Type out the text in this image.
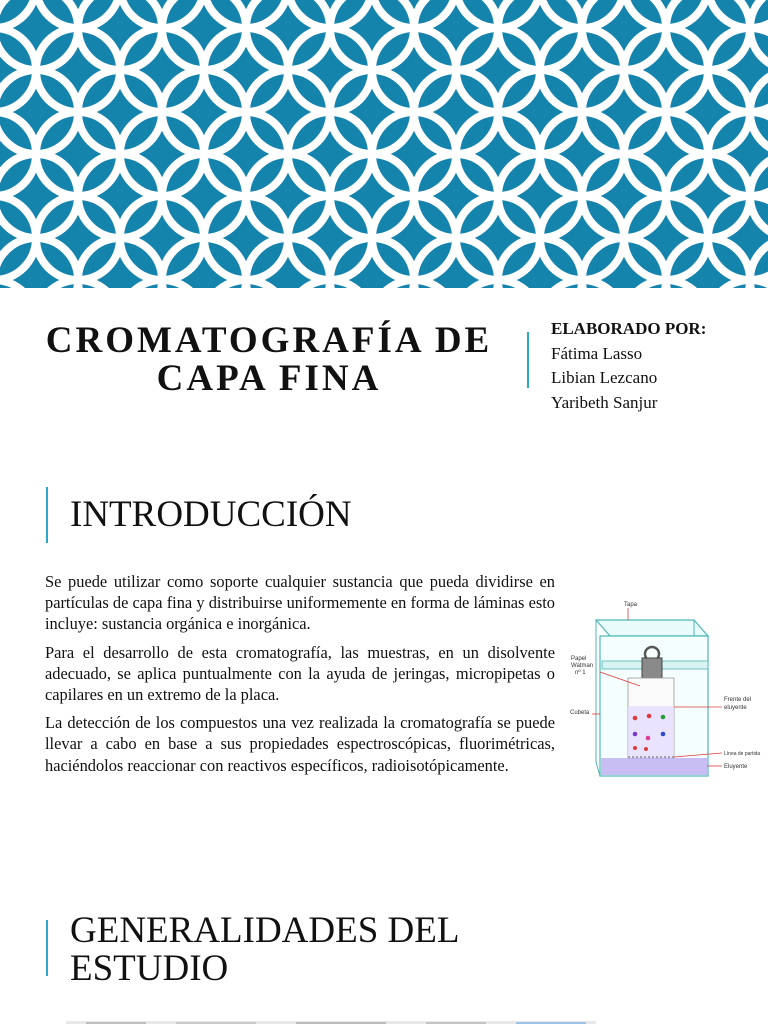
CROMATOGRAFÍA DE
CAPA FINA
ELABORADO POR:
Fátima Lasso
Libian Lezcano
Yaribeth Sanjur
INTRODUCCIÓN

Se puede utilizar como soporte cualquier sustancia que pueda dividirse en partículas de capa fina y distribuirse uniformemente en forma de láminas esto incluye: sustancia orgánica e inorgánica.

Para el desarrollo de esta cromatografía, las muestras, en un disolvente adecuado, se aplica puntualmente con la ayuda de jeringas, micropipetas o capilares en un extremo de la placa.

La detección de los compuestos una vez realizada la cromatografía se puede llevar a cabo en base a sus propiedades espectroscópicas, fluorimétricas, haciéndolos reaccionar con reactivos específicos, radioisotópicamente.

Tapa
Papel
Watman
nº 1
Cubeta
Frente del
eluyente
Línea de partida
Eluyente
GENERALIDADES DEL
ESTUDIO
